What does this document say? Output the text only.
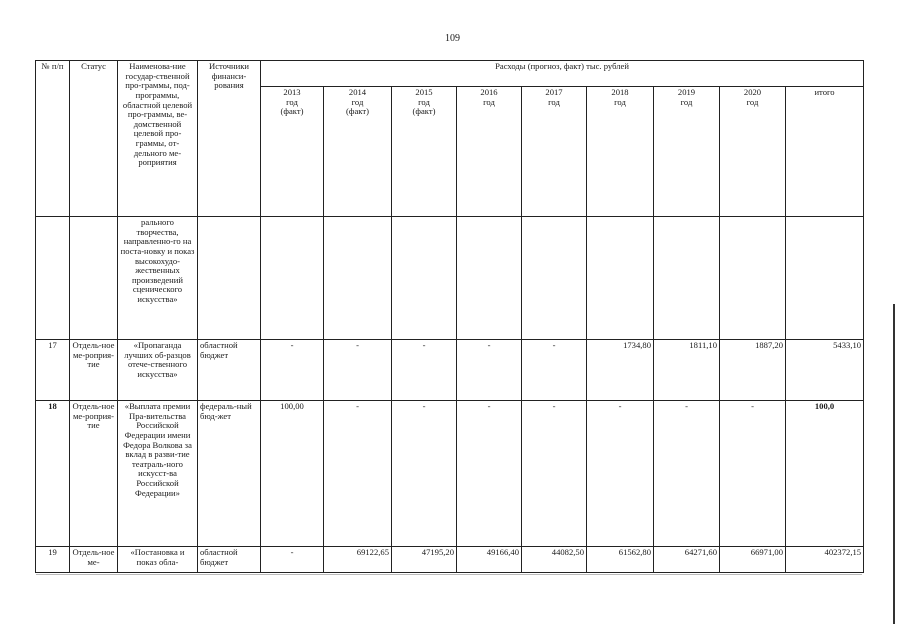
109
№ п/п	Статус	Наименова-ние государ-ственной про-граммы, под-программы, областной целевой про-граммы, ве-домственной целевой про-граммы, от-дельного ме-роприятия	Источники финанси-рования	Расходы (прогноз, факт) тыс. рублей								
				2013
год
(факт)	2014
год
(факт)	2015
год
(факт)	2016
год	2017
год	2018
год	2019
год	2020
год	итого
		рального творчества, направленно-го на поста-новку и показ высокохудо-жественных произведений сценического искусства»										
17	Отдель-ное ме-роприя-тие	«Пропаганда лучших об-разцов отече-ственного искусства»	областной бюджет	-	-	-	-	-	1734,80	1811,10	1887,20	5433,10
18	Отдель-ное ме-роприя-тие	«Выплата премии Пра-вительства Российской Федерации имени Федора Волкова за вклад в разви-тие театраль-ного искусст-ва Российской Федерации»	федераль-ный бюд-жет	100,00	-	-	-	-	-	-	-	100,0
19	Отдель-ное ме-	«Постановка и показ обла-	областной бюджет	-	69122,65	47195,20	49166,40	44082,50	61562,80	64271,60	66971,00	402372,15
